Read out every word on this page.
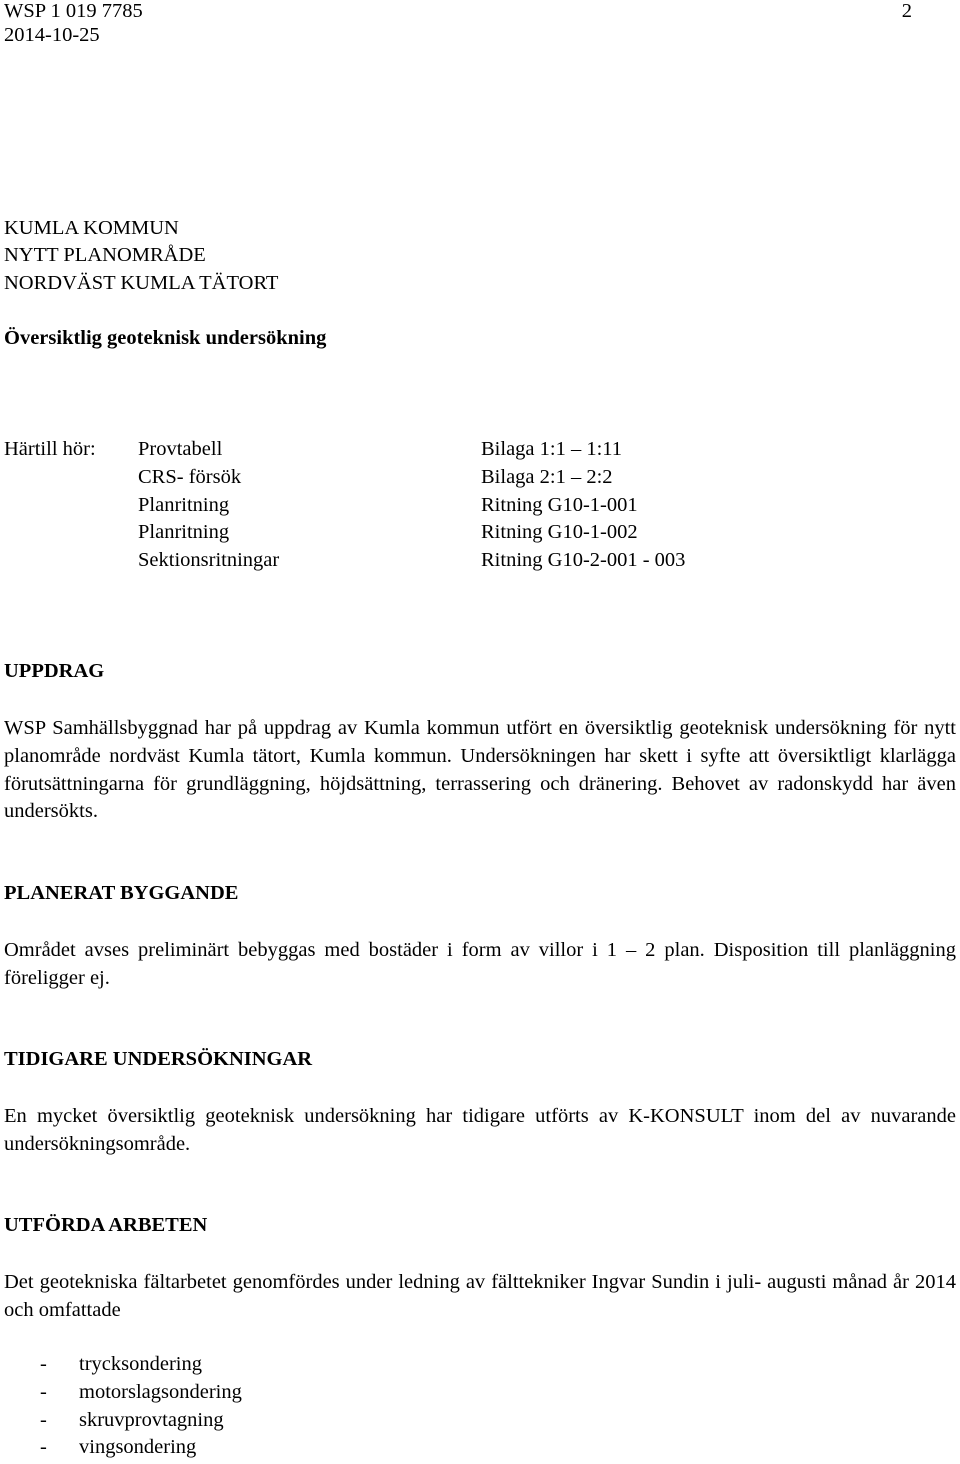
WSP 1 019 7785
2014-10-25
2
KUMLA KOMMUN
NYTT PLANOMRÅDE
NORDVÄST KUMLA TÄTORT
Översiktlig geoteknisk undersökning
Härtill hör: Provtabell	Bilaga 1:1 – 1:11
CRS- försök	Bilaga 2:1 – 2:2
Planritning	Ritning G10-1-001
Planritning	Ritning G10-1-002
Sektionsritningar	Ritning G10-2-001 - 003
UPPDRAG
WSP Samhällsbyggnad har på uppdrag av Kumla kommun utfört en översiktlig geoteknisk undersökning för nytt planområde nordväst Kumla tätort, Kumla kommun. Undersökningen har skett i syfte att översiktligt klarlägga förutsättningarna för grundläggning, höjdsättning, terrassering och dränering. Behovet av radonskydd har även undersökts.
PLANERAT BYGGANDE
Området avses preliminärt bebyggas med bostäder i form av villor i 1 – 2 plan. Disposition till planläggning föreligger ej.
TIDIGARE UNDERSÖKNINGAR
En mycket översiktlig geoteknisk undersökning har tidigare utförts av K-KONSULT inom del av nuvarande undersökningsområde.
UTFÖRDA ARBETEN
Det geotekniska fältarbetet genomfördes under ledning av fälttekniker Ingvar Sundin i juli- augusti månad år 2014 och omfattade
- trycksondering
- motorslagsondering
- skruvprovtagning
- vingsondering
